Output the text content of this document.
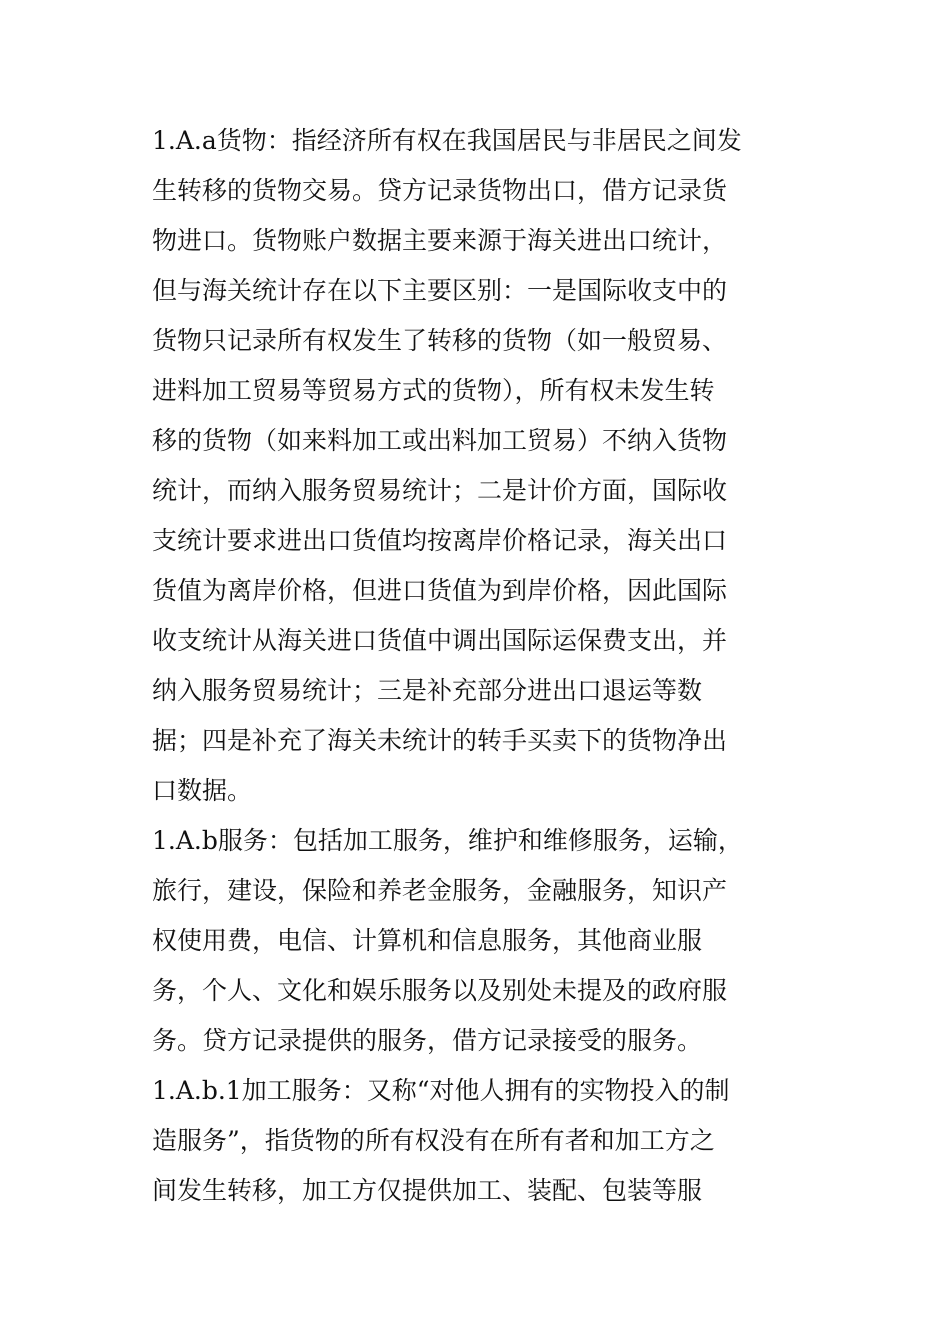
1.A.a货物：指经济所有权在我国居民与非居民之间发
生转移的货物交易。贷方记录货物出口，借方记录货
物进口。货物账户数据主要来源于海关进出口统计，
但与海关统计存在以下主要区别：一是国际收支中的
货物只记录所有权发生了转移的货物（如一般贸易、
进料加工贸易等贸易方式的货物），所有权未发生转
移的货物（如来料加工或出料加工贸易）不纳入货物
统计，而纳入服务贸易统计；二是计价方面，国际收
支统计要求进出口货值均按离岸价格记录，海关出口
货值为离岸价格，但进口货值为到岸价格，因此国际
收支统计从海关进口货值中调出国际运保费支出，并
纳入服务贸易统计；三是补充部分进出口退运等数
据；四是补充了海关未统计的转手买卖下的货物净出
口数据。
1.A.b服务：包括加工服务，维护和维修服务，运输，
旅行，建设，保险和养老金服务，金融服务，知识产
权使用费，电信、计算机和信息服务，其他商业服
务，个人、文化和娱乐服务以及别处未提及的政府服
务。贷方记录提供的服务，借方记录接受的服务。
1.A.b.1加工服务：又称“对他人拥有的实物投入的制
造服务”，指货物的所有权没有在所有者和加工方之
间发生转移，加工方仅提供加工、装配、包装等服
